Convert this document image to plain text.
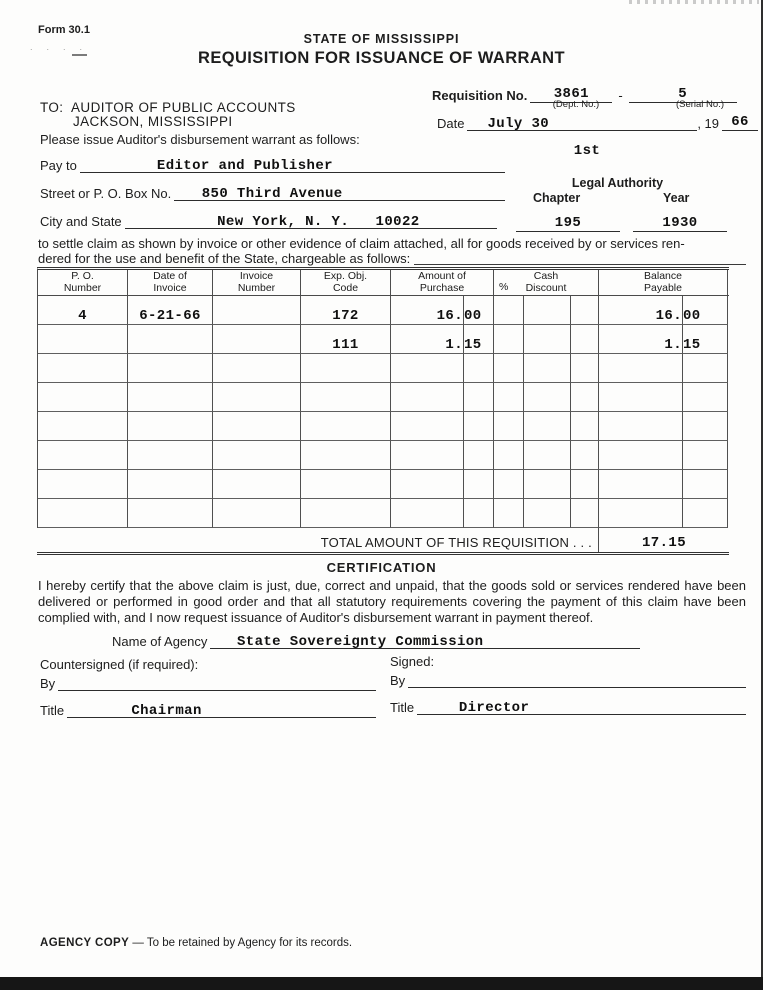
Form 30.1
.  .  .  .
STATE OF MISSISSIPPI
REQUISITION FOR ISSUANCE OF WARRANT
Requisition No.	3861	-	5
(Dept. No.)	(Serial No.)
Date July 30	, 19 66
TO:  AUDITOR OF PUBLIC ACCOUNTS
JACKSON, MISSISSIPPI
Please issue Auditor's disbursement warrant as follows:
1st
Pay to	Editor and Publisher
Street or P. O. Box No. 850 Third Avenue
City and State	New York, N. Y.   10022
Legal Authority
Chapter	Year
195	1930
to settle claim as shown by invoice or other evidence of claim attached, all for goods received by or services ren-
dered for the use and benefit of the State, chargeable as follows:
P. O.
Number
Date of
Invoice
Invoice
Number
Exp. Obj.
Code
Amount of
Purchase	%
Cash
Discount
Balance
Payable
4	6-21-66	172	16. 00	16. 00
111	1. 15	1. 15
TOTAL AMOUNT OF THIS REQUISITION . . .	17.15
CERTIFICATION
I hereby certify that the above claim is just, due, correct and unpaid, that the goods sold or services rendered have been delivered or performed in good order and that all statutory requirements covering the payment of this claim have been complied with, and I now request issuance of Auditor's disbursement warrant in payment thereof.
Name of Agency State Sovereignty Commission
Countersigned (if required):	Signed:
By	By
Title	Chairman	Title	Director
AGENCY COPY — To be retained by Agency for its records.
